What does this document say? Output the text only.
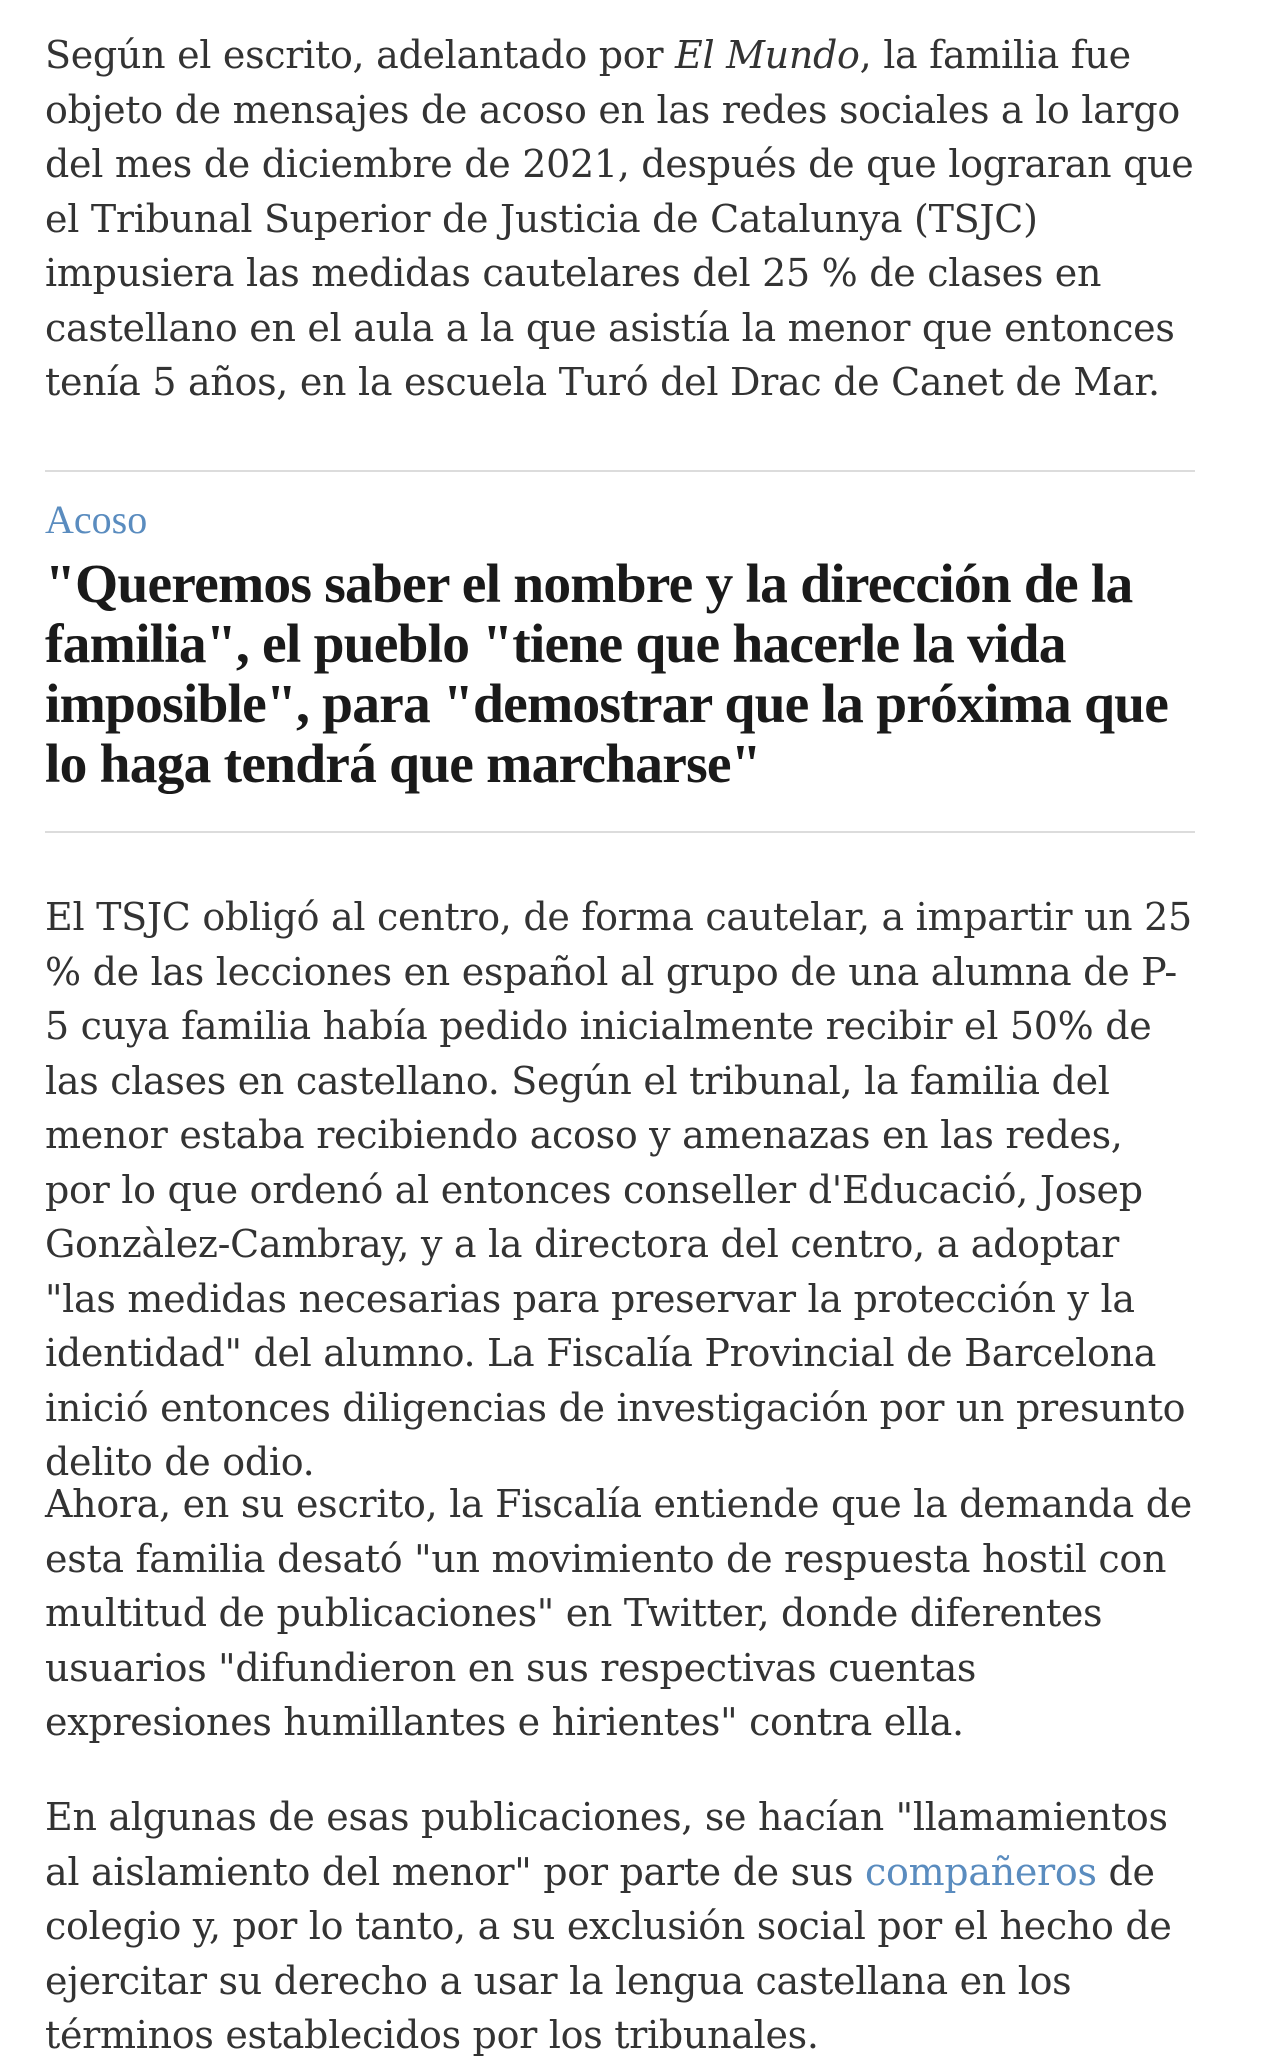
Según el escrito, adelantado por El Mundo, la familia fue objeto de mensajes de acoso en las redes sociales a lo largo del mes de diciembre de 2021, después de que lograran que el Tribunal Superior de Justicia de Catalunya (TSJC) impusiera las medidas cautelares del 25 % de clases en castellano en el aula a la que asistía la menor que entonces tenía 5 años, en la escuela Turó del Drac de Canet de Mar.

Acoso

"Queremos saber el nombre y la dirección de la familia", el pueblo "tiene que hacerle la vida imposible", para "demostrar que la próxima que lo haga tendrá que marcharse"

El TSJC obligó al centro, de forma cautelar, a impartir un 25 % de las lecciones en español al grupo de una alumna de P-5 cuya familia había pedido inicialmente recibir el 50% de las clases en castellano. Según el tribunal, la familia del menor estaba recibiendo acoso y amenazas en las redes, por lo que ordenó al entonces conseller d'Educació, Josep Gonzàlez-Cambray, y a la directora del centro, a adoptar "las medidas necesarias para preservar la protección y la identidad" del alumno. La Fiscalía Provincial de Barcelona inició entonces diligencias de investigación por un presunto delito de odio.

Ahora, en su escrito, la Fiscalía entiende que la demanda de esta familia desató "un movimiento de respuesta hostil con multitud de publicaciones" en Twitter, donde diferentes usuarios "difundieron en sus respectivas cuentas expresiones humillantes e hirientes" contra ella.

En algunas de esas publicaciones, se hacían "llamamientos al aislamiento del menor" por parte de sus compañeros de colegio y, por lo tanto, a su exclusión social por el hecho de ejercitar su derecho a usar la lengua castellana en los términos establecidos por los tribunales.
